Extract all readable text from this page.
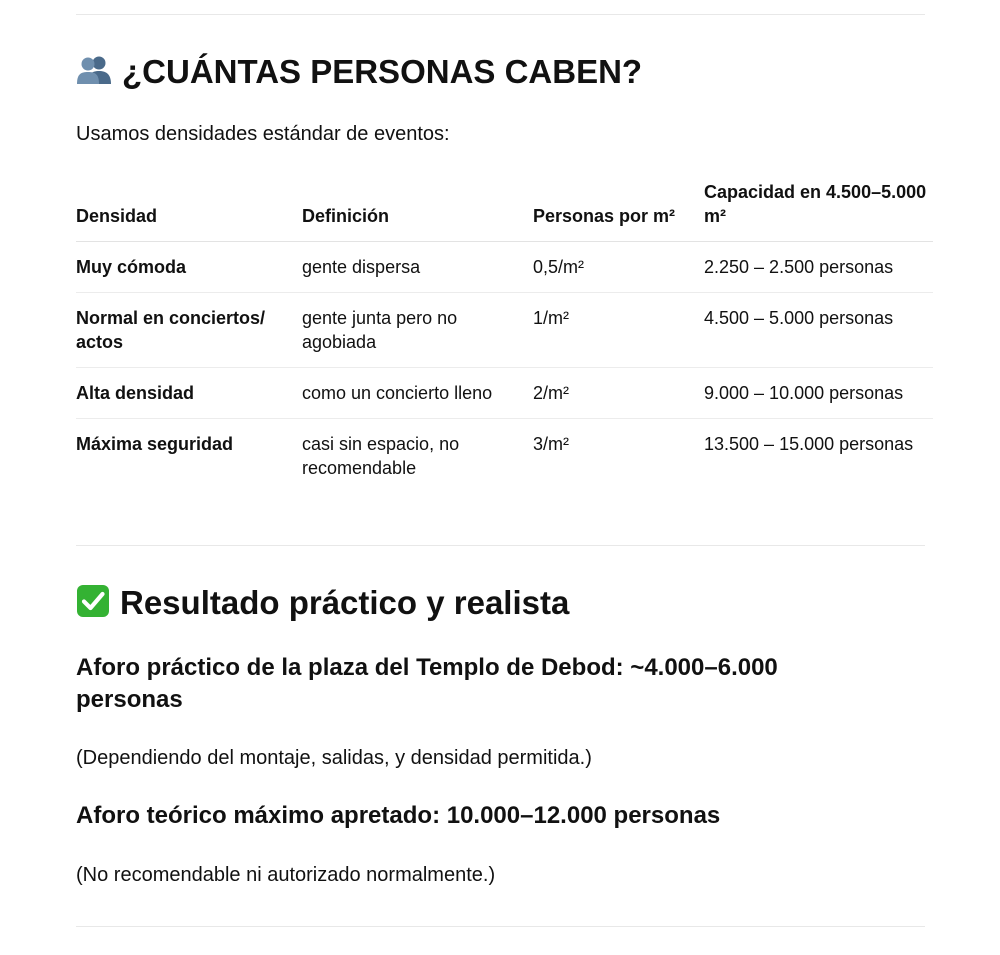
¿CUÁNTAS PERSONAS CABEN?
Usamos densidades estándar de eventos:
Densidad	Definición	Personas por m²	Capacidad en 4.500–5.000 m²
Muy cómoda	gente dispersa	0,5/m²	2.250 – 2.500 personas
Normal en conciertos/ actos	gente junta pero no agobiada	1/m²	4.500 – 5.000 personas
Alta densidad	como un concierto lleno	2/m²	9.000 – 10.000 personas
Máxima seguridad	casi sin espacio, no recomendable	3/m²	13.500 – 15.000 personas
Resultado práctico y realista
Aforo práctico de la plaza del Templo de Debod: ~4.000–6.000 personas
(Dependiendo del montaje, salidas, y densidad permitida.)
Aforo teórico máximo apretado: 10.000–12.000 personas
(No recomendable ni autorizado normalmente.)
